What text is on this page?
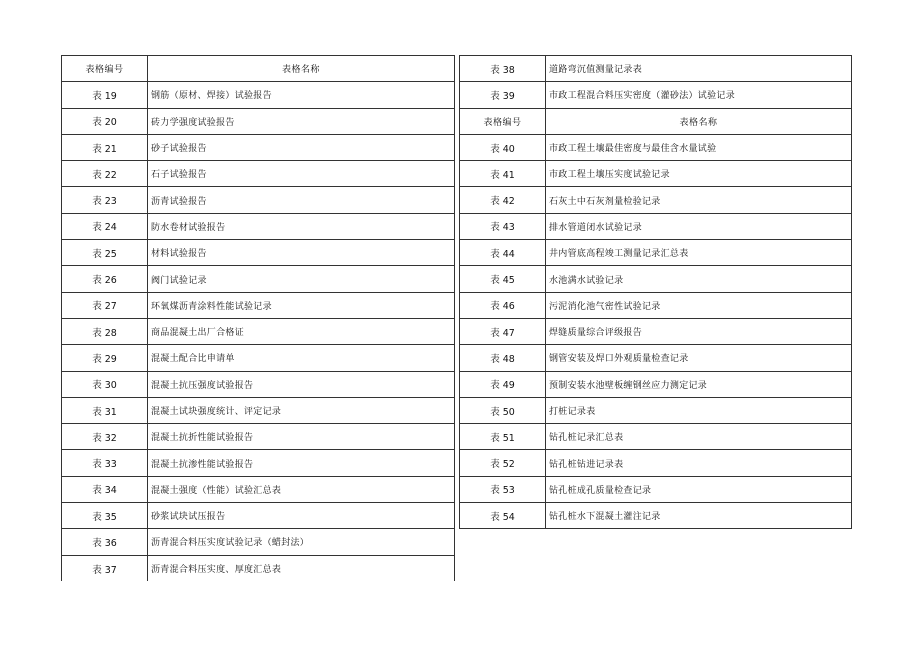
表格编号	表格名称
表 19	钢筋（原材、焊接）试验报告
表 20	砖力学强度试验报告
表 21	砂子试验报告
表 22	石子试验报告
表 23	沥青试验报告
表 24	防水卷材试验报告
表 25	材料试验报告
表 26	阀门试验记录
表 27	环氧煤沥青涂料性能试验记录
表 28	商品混凝土出厂合格证
表 29	混凝土配合比申请单
表 30	混凝土抗压强度试验报告
表 31	混凝土试块强度统计、评定记录
表 32	混凝土抗折性能试验报告
表 33	混凝土抗渗性能试验报告
表 34	混凝土强度（性能）试验汇总表
表 35	砂浆试块试压报告
表 36	沥青混合料压实度试验记录（蜡封法）
表 37	沥青混合料压实度、厚度汇总表
表 38	道路弯沉值测量记录表
表 39	市政工程混合料压实密度（灌砂法）试验记录
表格编号	表格名称
表 40	市政工程土壤最佳密度与最佳含水量试验
表 41	市政工程土壤压实度试验记录
表 42	石灰土中石灰剂量检验记录
表 43	排水管道闭水试验记录
表 44	井内管底高程竣工测量记录汇总表
表 45	水池满水试验记录
表 46	污泥消化池气密性试验记录
表 47	焊缝质量综合评级报告
表 48	钢管安装及焊口外观质量检查记录
表 49	预制安装水池壁板缠钢丝应力测定记录
表 50	打桩记录表
表 51	钻孔桩记录汇总表
表 52	钻孔桩钻进记录表
表 53	钻孔桩成孔质量检查记录
表 54	钻孔桩水下混凝土灌注记录
